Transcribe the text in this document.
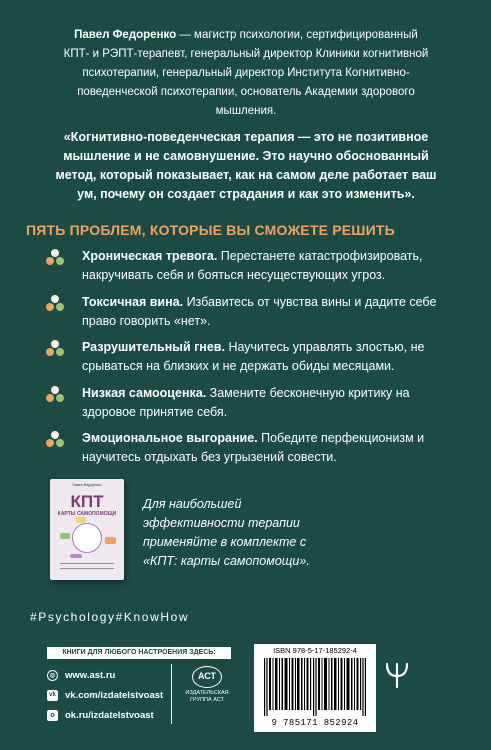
Павел Федоренко — магистр психологии, сертифицированный КПТ- и РЭПТ-терапевт, генеральный директор Клиники когнитивной психотерапии, генеральный директор Института Когнитивно-поведенческой психотерапии, основатель Академии здорового мышления.
«Когнитивно-поведенческая терапия — это не позитивное мышление и не самовнушение. Это научно обоснованный метод, который показывает, как на самом деле работает ваш ум, почему он создает страдания и как это изменить».
ПЯТЬ ПРОБЛЕМ, КОТОРЫЕ ВЫ СМОЖЕТЕ РЕШИТЬ
Хроническая тревога. Перестанете катастрофизировать, накручивать себя и бояться несуществующих угроз.
Токсичная вина. Избавитесь от чувства вины и дадите себе право говорить «нет».
Разрушительный гнев. Научитесь управлять злостью, не срываться на близких и не держать обиды месяцами.
Низкая самооценка. Замените бесконечную критику на здоровое принятие себя.
Эмоциональное выгорание. Победите перфекционизм и научитесь отдыхать без угрызений совести.
Павел Федоренко
КПТ
КАРТЫ САМОПОМОЩИ
Для наибольшей эффективности терапии применяйте в комплекте с «КПТ: карты самопомощи».
#Psychology#KnowHow
КНИГИ ДЛЯ ЛЮБОГО НАСТРОЕНИЯ ЗДЕСЬ:
◎	www.ast.ru
vk vk.com/izdatelstvoast
o	ok.ru/izdatelstvoast
АСТ
ИЗДАТЕЛЬСКАЯ ГРУППА АСТ
ISBN 978-5-17-185292-4
9 785171 852924
